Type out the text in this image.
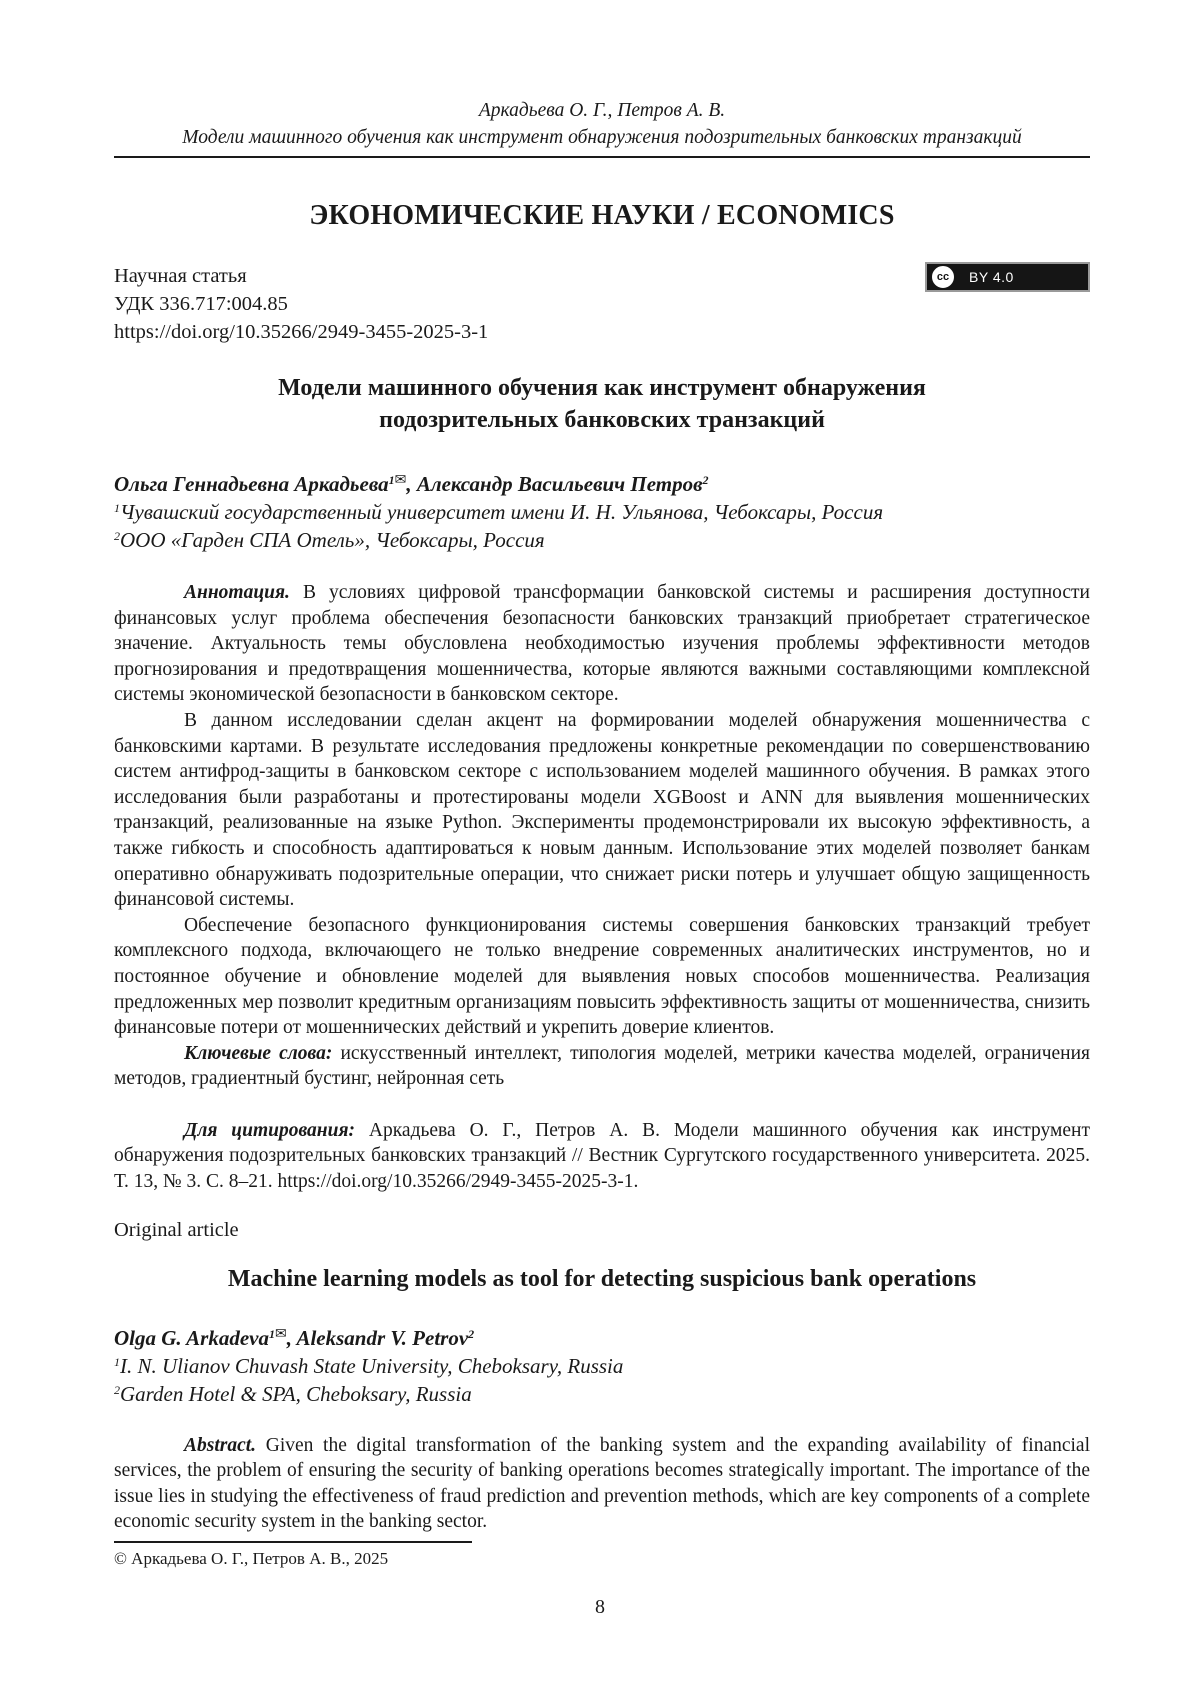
Аркадьева О. Г., Петров А. В.
Модели машинного обучения как инструмент обнаружения подозрительных банковских транзакций
ЭКОНОМИЧЕСКИЕ НАУКИ / ECONOMICS
Научная статья
УДК 336.717:004.85
https://doi.org/10.35266/2949-3455-2025-3-1
cc	BY 4.0
Модели машинного обучения как инструмент обнаружения
подозрительных банковских транзакций
Ольга Геннадьевна Аркадьева$^{1✉}$, Александр Васильевич Петров$^2$
$^1$Чувашский государственный университет имени И. Н. Ульянова, Чебоксары, Россия
$^2$ООО «Гарден СПА Отель», Чебоксары, Россия

Аннотация. В условиях цифровой трансформации банковской системы и расширения доступности финансовых услуг проблема обеспечения безопасности банковских транзакций приобретает стратегическое значение. Актуальность темы обусловлена необходимостью изучения проблемы эффективности методов прогнозирования и предотвращения мошенничества, которые являются важными составляющими комплексной системы экономической безопасности в банковском секторе.

В данном исследовании сделан акцент на формировании моделей обнаружения мошенничества с банковскими картами. В результате исследования предложены конкретные рекомендации по совершенствованию систем антифрод-защиты в банковском секторе с использованием моделей машинного обучения. В рамках этого исследования были разработаны и протестированы модели XGBoost и ANN для выявления мошеннических транзакций, реализованные на языке Python. Эксперименты продемонстрировали их высокую эффективность, а также гибкость и способность адаптироваться к новым данным. Использование этих моделей позволяет банкам оперативно обнаруживать подозрительные операции, что снижает риски потерь и улучшает общую защищенность финансовой системы.

Обеспечение безопасного функционирования системы совершения банковских транзакций требует комплексного подхода, включающего не только внедрение современных аналитических инструментов, но и постоянное обучение и обновление моделей для выявления новых способов мошенничества. Реализация предложенных мер позволит кредитным организациям повысить эффективность защиты от мошенничества, снизить финансовые потери от мошеннических действий и укрепить доверие клиентов.

Ключевые слова: искусственный интеллект, типология моделей, метрики качества моделей, ограничения методов, градиентный бустинг, нейронная сеть

Для цитирования: Аркадьева О. Г., Петров А. В. Модели машинного обучения как инструмент обнаружения подозрительных банковских транзакций // Вестник Сургутского государственного университета. 2025. Т. 13, № 3. С. 8–21. https://doi.org/10.35266/2949-3455-2025-3-1.
Original article
Machine learning models as tool for detecting suspicious bank operations
Olga G. Arkadeva$^{1✉}$, Aleksandr V. Petrov$^2$
$^1$I. N. Ulianov Chuvash State University, Cheboksary, Russia
$^2$Garden Hotel & SPA, Cheboksary, Russia
Abstract. Given the digital transformation of the banking system and the expanding availability of financial services, the problem of ensuring the security of banking operations becomes strategically important. The importance of the issue lies in studying the effectiveness of fraud prediction and prevention methods, which are key components of a complete economic security system in the banking sector.
© Аркадьева О. Г., Петров А. В., 2025
8
